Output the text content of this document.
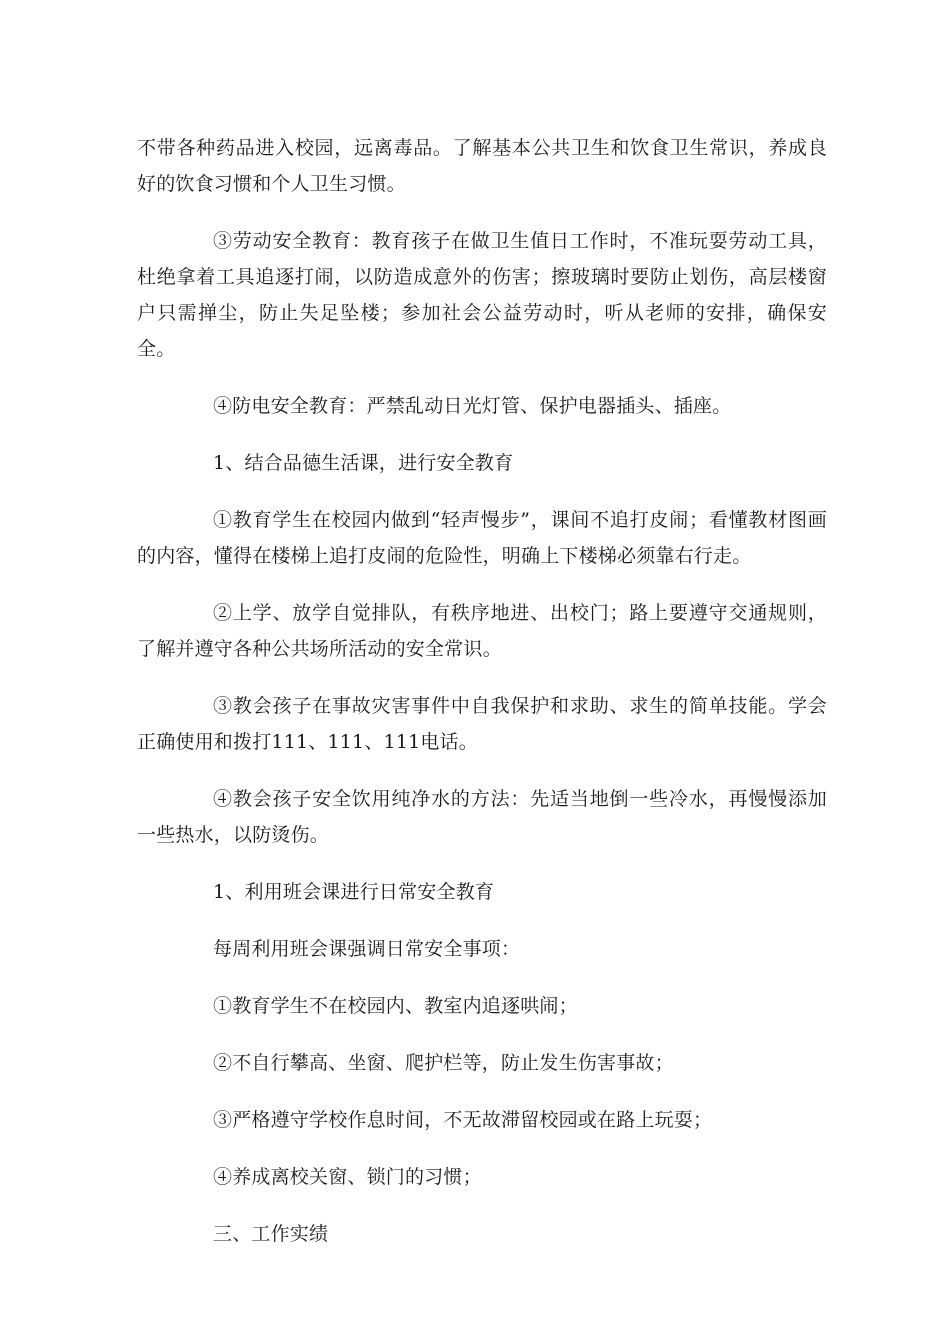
不带各种药品进入校园，远离毒品。了解基本公共卫生和饮食卫生常识，养成良好的饮食习惯和个人卫生习惯。

③劳动安全教育：教育孩子在做卫生值日工作时，不准玩耍劳动工具，杜绝拿着工具追逐打闹，以防造成意外的伤害；擦玻璃时要防止划伤，高层楼窗户只需掸尘，防止失足坠楼；参加社会公益劳动时，听从老师的安排，确保安全。

④防电安全教育：严禁乱动日光灯管、保护电器插头、插座。

1、结合品德生活课，进行安全教育

①教育学生在校园内做到“轻声慢步”，课间不追打皮闹；看懂教材图画的内容，懂得在楼梯上追打皮闹的危险性，明确上下楼梯必须靠右行走。

②上学、放学自觉排队，有秩序地进、出校门；路上要遵守交通规则，了解并遵守各种公共场所活动的安全常识。

③教会孩子在事故灾害事件中自我保护和求助、求生的简单技能。学会正确使用和拨打111、111、111电话。

④教会孩子安全饮用纯净水的方法：先适当地倒一些冷水，再慢慢添加一些热水，以防烫伤。

1、利用班会课进行日常安全教育

每周利用班会课强调日常安全事项：

①教育学生不在校园内、教室内追逐哄闹；

②不自行攀高、坐窗、爬护栏等，防止发生伤害事故；

③严格遵守学校作息时间，不无故滞留校园或在路上玩耍；

④养成离校关窗、锁门的习惯；

三、工作实绩
